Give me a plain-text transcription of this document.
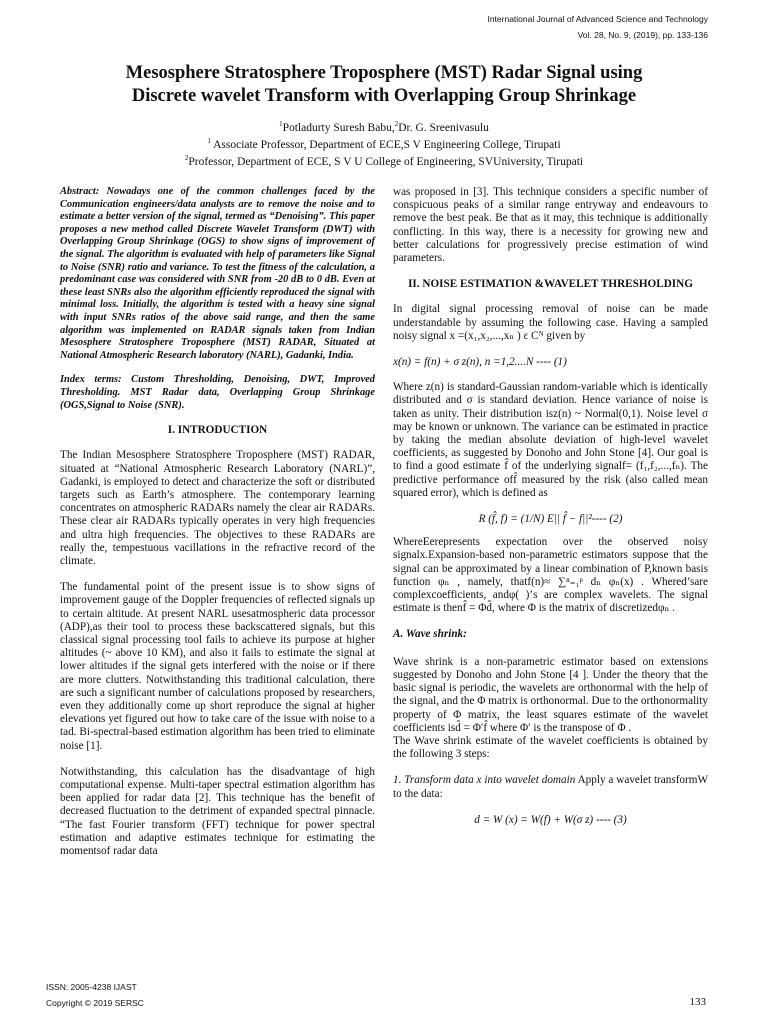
International Journal of Advanced Science and Technology
Vol. 28, No. 9, (2019), pp. 133-136
Mesosphere Stratosphere Troposphere (MST) Radar Signal using
Discrete wavelet Transform with Overlapping Group Shrinkage
$^1$Potladurty Suresh Babu,$^2$Dr. G. Sreenivasulu
$^1$ Associate Professor, Department of ECE,S V Engineering College, Tirupati
$^2$Professor, Department of ECE, S V U College of Engineering, SVUniversity, Tirupati

Abstract: Nowadays one of the common challenges faced by the Communication engineers/data analysts are to remove the noise and to estimate a better version of the signal, termed as “Denoising”. This paper proposes a new method called Discrete Wavelet Transform (DWT) with Overlapping Group Shrinkage (OGS) to show signs of improvement of the signal. The algorithm is evaluated with help of parameters like Signal to Noise (SNR) ratio and variance. To test the fitness of the calculation, a predominant case was considered with SNR from -20 dB to 0 dB. Even at these least SNRs also the algorithm efficiently reproduced the signal with minimal loss. Initially, the algorithm is tested with a heavy sine signal with input SNRs ratios of the above said range, and then the same algorithm was implemented on RADAR signals taken from Indian Mesosphere Stratosphere Troposphere (MST) RADAR, Situated at National Atmospheric Research laboratory (NARL), Gadanki, India.

Index terms: Custom Thresholding, Denoising, DWT, Improved Thresholding. MST Radar data, Overlapping Group Shrinkage (OGS,Signal to Noise (SNR).

I. INTRODUCTION

The Indian Mesosphere Stratosphere Troposphere (MST) RADAR, situated at “National Atmospheric Research Laboratory (NARL)”, Gadanki, is employed to detect and characterize the soft or distributed targets such as Earth’s atmosphere. The contemporary learning concentrates on atmospheric RADARs namely the clear air RADARs. These clear air RADARs typically operates in very high frequencies and ultra high frequencies. The objectives to these RADARs are really the, tempestuous vacillations in the refractive record of the climate.

The fundamental point of the present issue is to show signs of improvement gauge of the Doppler frequencies of reflected signals up to certain altitude. At present NARL usesatmospheric data processor (ADP),as their tool to process these backscattered signals, but this classical signal processing tool fails to achieve its purpose at higher altitudes (~ above 10 KM), and also it fails to estimate the signal at lower altitudes if the signal gets interfered with the noise or if there are more clutters. Notwithstanding this traditional calculation, there are such a significant number of calculations proposed by researchers, even they additionally come up short reproduce the signal at higher elevations yet figured out how to take care of the issue with noise to a tad. Bi-spectral-based estimation algorithm has been tried to eliminate noise [1].

Notwithstanding, this calculation has the disadvantage of high computational expense. Multi-taper spectral estimation algorithm has been applied for radar data [2]. This technique has the benefit of decreased fluctuation to the detriment of expanded spectral pinnacle. “The fast Fourier transform (FFT) technique for power spectral estimation and adaptive estimates technique for estimating the momentsof radar data

was proposed in [3]. This technique considers a specific number of conspicuous peaks of a similar range entryway and endeavours to remove the best peak. Be that as it may, this technique is additionally conflicting. In this way, there is a necessity for growing new and better calculations for progressively precise estimation of wind parameters.

II. NOISE ESTIMATION &WAVELET THRESHOLDING

In digital signal processing removal of noise can be made understandable by assuming the following case. Having a sampled noisy signal x =(x₁,x₂,...,xₙ ) ε Cᴺ given by

x(n) = f(n) + σ z(n), n =1,2....N ---- (1)

Where z(n) is standard-Gaussian random-variable which is identically distributed and σ is standard deviation. Hence variance of noise is taken as unity. Their distribution isz(n) ~ Normal(0,1). Noise level σ may be known or unknown. The variance can be estimated in practice by taking the median absolute deviation of high-level wavelet coefficients, as suggested by Donoho and John Stone [4]. Our goal is to find a good estimate f̂ of the underlying signalf= (f₁,f₂,...,fₙ). The predictive performance off̂ measured by the risk (also called mean squared error), which is defined as

R (f̂, f) = (1/N) E|| f̂ − f||²---- (2)

WhereEerepresents expectation over the observed noisy signalx.Expansion-based non-parametric estimators suppose that the signal can be approximated by a linear combination of P,known basis function φₙ , namely, thatf(n)≈ ∑ⁿ₌₁ᵖ dₙ φₙ(x) . Whered’sare complexcoefficients, andφ( )’s are complex wavelets. The signal estimate is thenf̂ = Φd̂, where Φ is the matrix of discretizedφₙ .

A. Wave shrink:

Wave shrink is a non-parametric estimator based on extensions suggested by Donoho and John Stone [4 ]. Under the theory that the basic signal is periodic, the wavelets are orthonormal with the help of the signal, and the Φ matrix is orthonormal. Due to the orthonormality property of Φ matrix, the least squares estimate of the wavelet coefficients isd̂ = Φ′f̂ where Φ′ is the transpose of Φ .

The Wave shrink estimate of the wavelet coefficients is obtained by the following 3 steps:

1. Transform data x into wavelet domain Apply a wavelet transformW to the data:

d = W (x) = W(f) + W(σ z) ---- (3)
ISSN: 2005-4238 IJAST
Copyright © 2019 SERSC	133
